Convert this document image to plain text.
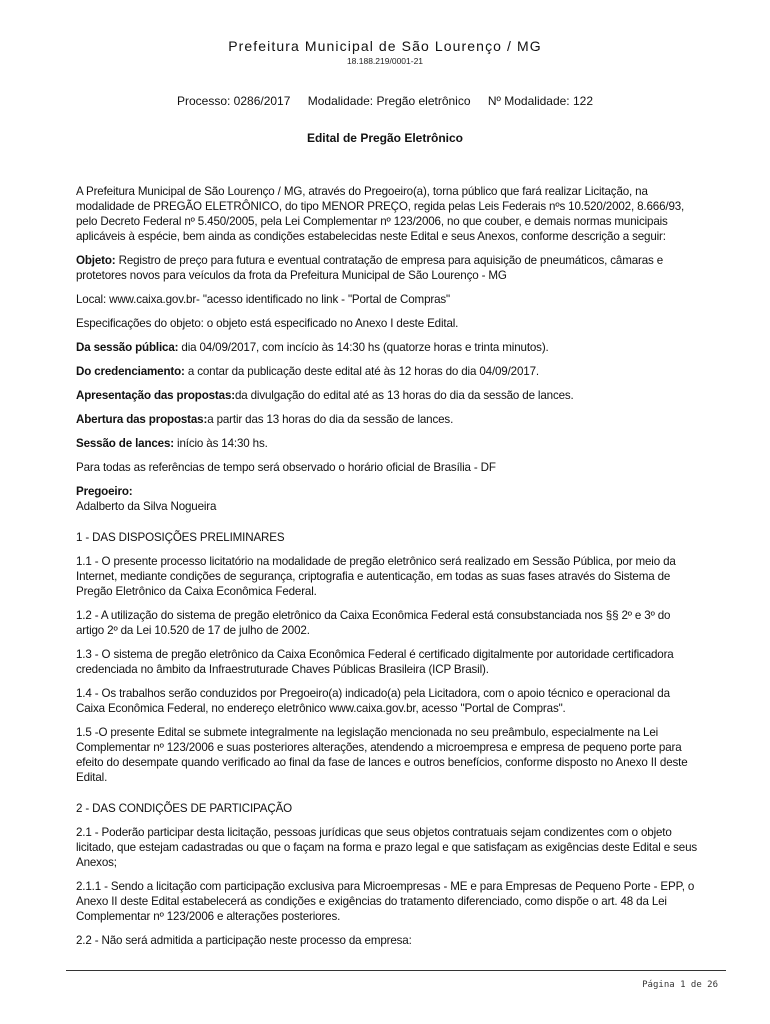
Prefeitura Municipal de São Lourenço / MG
18.188.219/0001-21
Processo: 0286/2017 Modalidade: Pregão eletrônico Nº Modalidade: 122
Edital de Pregão Eletrônico

A Prefeitura Municipal de São Lourenço / MG, através do Pregoeiro(a), torna público que fará realizar Licitação, na modalidade de PREGÃO ELETRÔNICO, do tipo MENOR PREÇO, regida pelas Leis Federais nºs 10.520/2002, 8.666/93, pelo Decreto Federal nº 5.450/2005, pela Lei Complementar nº 123/2006, no que couber, e demais normas municipais aplicáveis à espécie, bem ainda as condições estabelecidas neste Edital e seus Anexos, conforme descrição a seguir:

Objeto: Registro de preço para futura e eventual contratação de empresa para aquisição de pneumáticos, câmaras e protetores novos para veículos da frota da Prefeitura Municipal de São Lourenço - MG

Local: www.caixa.gov.br- "acesso identificado no link - "Portal de Compras"

Especificações do objeto: o objeto está especificado no Anexo I deste Edital.

Da sessão pública: dia 04/09/2017, com incício às 14:30 hs (quatorze horas e trinta minutos).

Do credenciamento: a contar da publicação deste edital até às 12 horas do dia 04/09/2017.

Apresentação das propostas:da divulgação do edital até as 13 horas do dia da sessão de lances.

Abertura das propostas:a partir das 13 horas do dia da sessão de lances.

Sessão de lances: início às 14:30 hs.

Para todas as referências de tempo será observado o horário oficial de Brasília - DF

Pregoeiro:

Adalberto da Silva Nogueira

1 - DAS DISPOSIÇÕES PRELIMINARES

1.1 - O presente processo licitatório na modalidade de pregão eletrônico será realizado em Sessão Pública, por meio da Internet, mediante condições de segurança, criptografia e autenticação, em todas as suas fases através do Sistema de Pregão Eletrônico da Caixa Econômica Federal.

1.2 - A utilização do sistema de pregão eletrônico da Caixa Econômica Federal está consubstanciada nos §§ 2º e 3º do artigo 2º da Lei 10.520 de 17 de julho de 2002.

1.3 - O sistema de pregão eletrônico da Caixa Econômica Federal é certificado digitalmente por autoridade certificadora credenciada no âmbito da Infraestruturade Chaves Públicas Brasileira (ICP Brasil).

1.4 - Os trabalhos serão conduzidos por Pregoeiro(a) indicado(a) pela Licitadora, com o apoio técnico e operacional da Caixa Econômica Federal, no endereço eletrônico www.caixa.gov.br, acesso "Portal de Compras".

1.5 -O presente Edital se submete integralmente na legislação mencionada no seu preâmbulo, especialmente na Lei Complementar nº 123/2006 e suas posteriores alterações, atendendo a microempresa e empresa de pequeno porte para efeito do desempate quando verificado ao final da fase de lances e outros benefícios, conforme disposto no Anexo II deste Edital.

2 - DAS CONDIÇÕES DE PARTICIPAÇÃO

2.1 - Poderão participar desta licitação, pessoas jurídicas que seus objetos contratuais sejam condizentes com o objeto licitado, que estejam cadastradas ou que o façam na forma e prazo legal e que satisfaçam as exigências deste Edital e seus Anexos;

2.1.1 - Sendo a licitação com participação exclusiva para Microempresas - ME e para Empresas de Pequeno Porte - EPP, o Anexo II deste Edital estabelecerá as condições e exigências do tratamento diferenciado, como dispõe o art. 48 da Lei Complementar nº 123/2006 e alterações posteriores.

2.2 - Não será admitida a participação neste processo da empresa:

Página 1 de 26
